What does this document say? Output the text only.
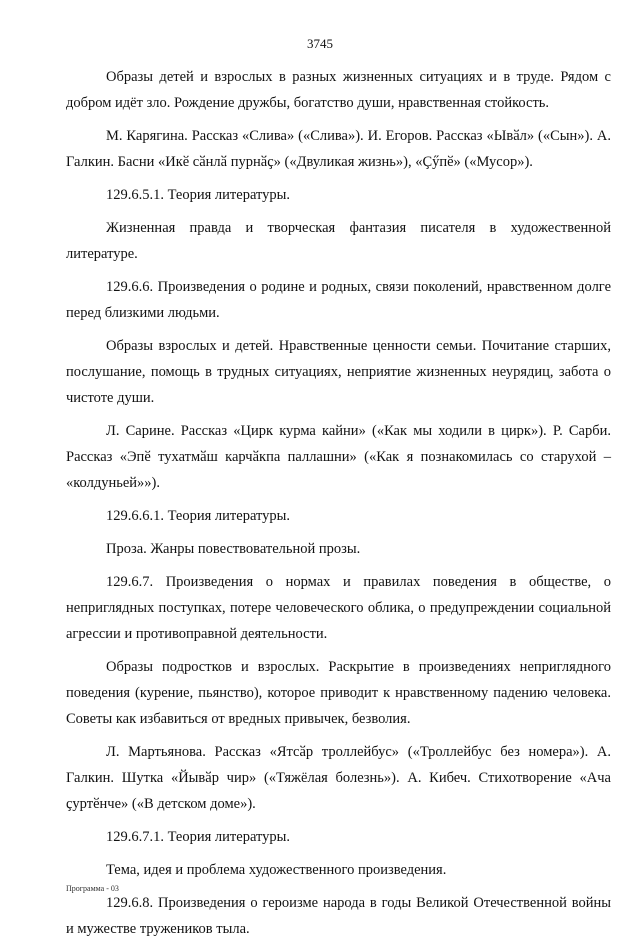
3745

Образы детей и взрослых в разных жизненных ситуациях и в труде. Рядом с добром идёт зло. Рождение дружбы, богатство души, нравственная стойкость.

М. Карягина. Рассказ «Слива» («Слива»). И. Егоров. Рассказ «Ывӑл» («Сын»). А. Галкин. Басни «Икӗ сӑнлӑ пурнӑҫ» («Двуликая жизнь»), «Ҫӳпӗ» («Мусор»).

129.6.5.1. Теория литературы.

Жизненная правда и творческая фантазия писателя в художественной литературе.

129.6.6. Произведения о родине и родных, связи поколений, нравственном долге перед близкими людьми.

Образы взрослых и детей. Нравственные ценности семьи. Почитание старших, послушание, помощь в трудных ситуациях, неприятие жизненных неурядиц, забота о чистоте души.

Л. Сарине. Рассказ «Цирк курма кайни» («Как мы ходили в цирк»). Р. Сарби. Рассказ «Эпӗ тухатмӑш карчӑкпа паллашни» («Как я познакомилась со старухой – «колдуньей»»).

129.6.6.1. Теория литературы.

Проза. Жанры повествовательной прозы.

129.6.7. Произведения о нормах и правилах поведения в обществе, о неприглядных поступках, потере человеческого облика, о предупреждении социальной агрессии и противоправной деятельности.

Образы подростков и взрослых. Раскрытие в произведениях неприглядного поведения (курение, пьянство), которое приводит к нравственному падению человека. Советы как избавиться от вредных привычек, безволия.

Л. Мартьянова. Рассказ «Ятсӑр троллейбус» («Троллейбус без номера»). А. Галкин. Шутка «Йывӑр чир» («Тяжёлая болезнь»). А. Кибеч. Стихотворение «Ача ҫуртӗнче» («В детском доме»).

129.6.7.1. Теория литературы.

Тема, идея и проблема художественного произведения.

129.6.8. Произведения о героизме народа в годы Великой Отечественной войны и мужестве тружеников тыла.

Программа - 03
